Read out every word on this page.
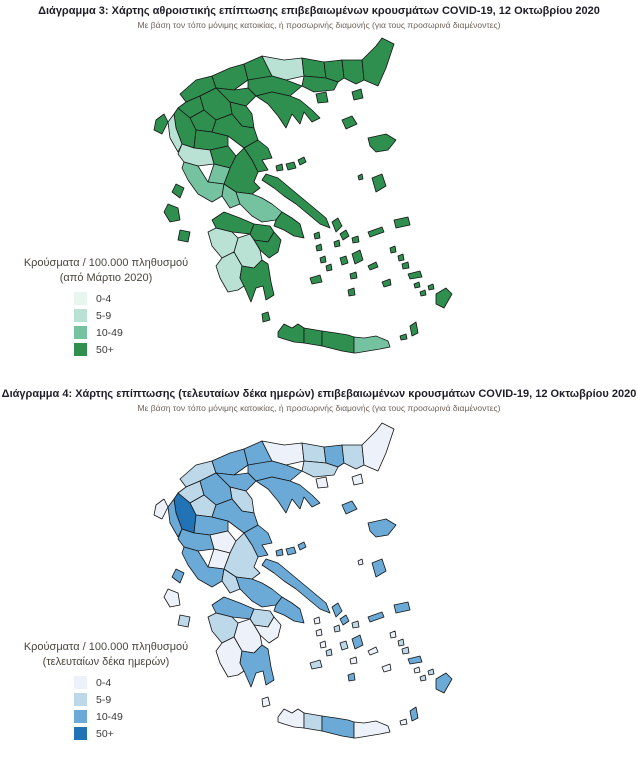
Διάγραμμα 3: Χάρτης αθροιστικής επίπτωσης επιβεβαιωμένων κρουσμάτων COVID-19, 12 Οκτωβρίου 2020
Με βάση τον τόπο μόνιμης κατοικίας, ή προσωρινής διαμονής (για τους προσωρινά διαμένοντες)
Κρούσματα / 100.000 πληθυσμού
(από Μάρτιο 2020)
0-4
5-9
10-49
50+
Διάγραμμα 4: Χάρτης επίπτωσης (τελευταίων δέκα ημερών) επιβεβαιωμένων κρουσμάτων COVID-19, 12 Οκτωβρίου 2020
Με βάση τον τόπο μόνιμης κατοικίας, ή προσωρινής διαμονής (για τους προσωρινά διαμένοντες)
Κρούσματα / 100.000 πληθυσμού
(τελευταίων δέκα ημερών)
0-4
5-9
10-49
50+
